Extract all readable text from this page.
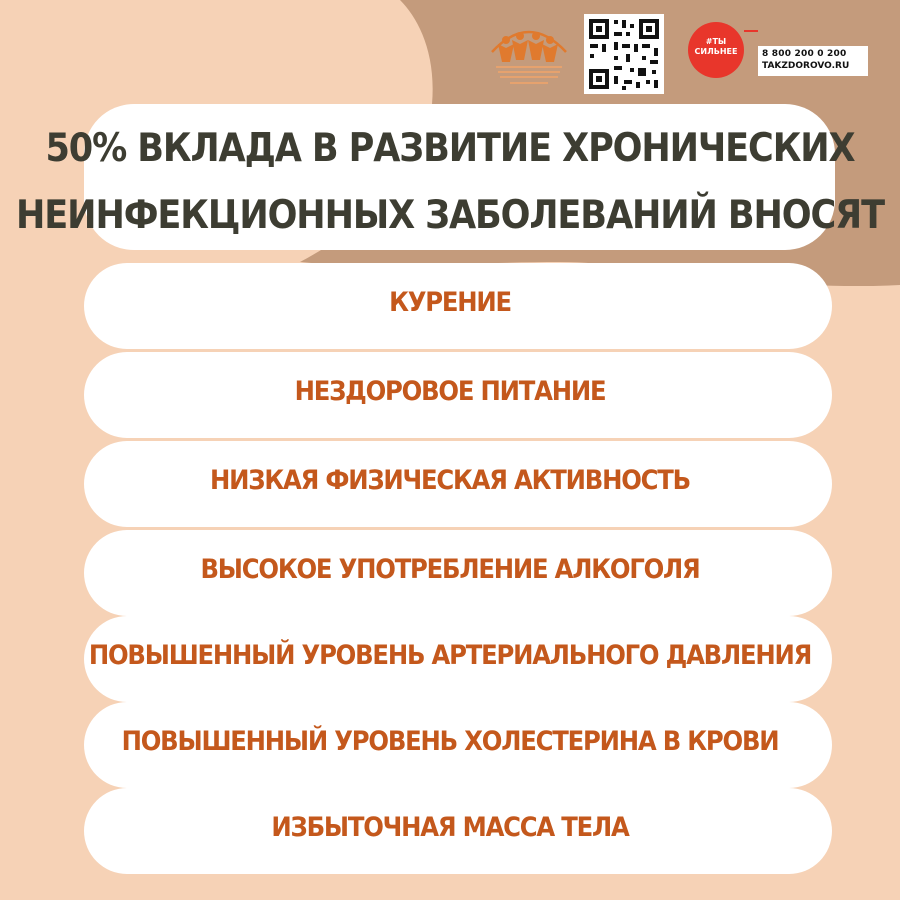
#ТЫ
СИЛЬНЕЕ	8 800 200 0 200
TAKZDOROVO.RU
50% ВКЛАДА В РАЗВИТИЕ ХРОНИЧЕСКИХ
НЕИНФЕКЦИОННЫХ ЗАБОЛЕВАНИЙ ВНОСЯТ
КУРЕНИЕ
НЕЗДОРОВОЕ ПИТАНИЕ
НИЗКАЯ ФИЗИЧЕСКАЯ АКТИВНОСТЬ
ВЫСОКОЕ УПОТРЕБЛЕНИЕ АЛКОГОЛЯ
ПОВЫШЕННЫЙ УРОВЕНЬ АРТЕРИАЛЬНОГО ДАВЛЕНИЯ
ПОВЫШЕННЫЙ УРОВЕНЬ ХОЛЕСТЕРИНА В КРОВИ
ИЗБЫТОЧНАЯ МАССА ТЕЛА
